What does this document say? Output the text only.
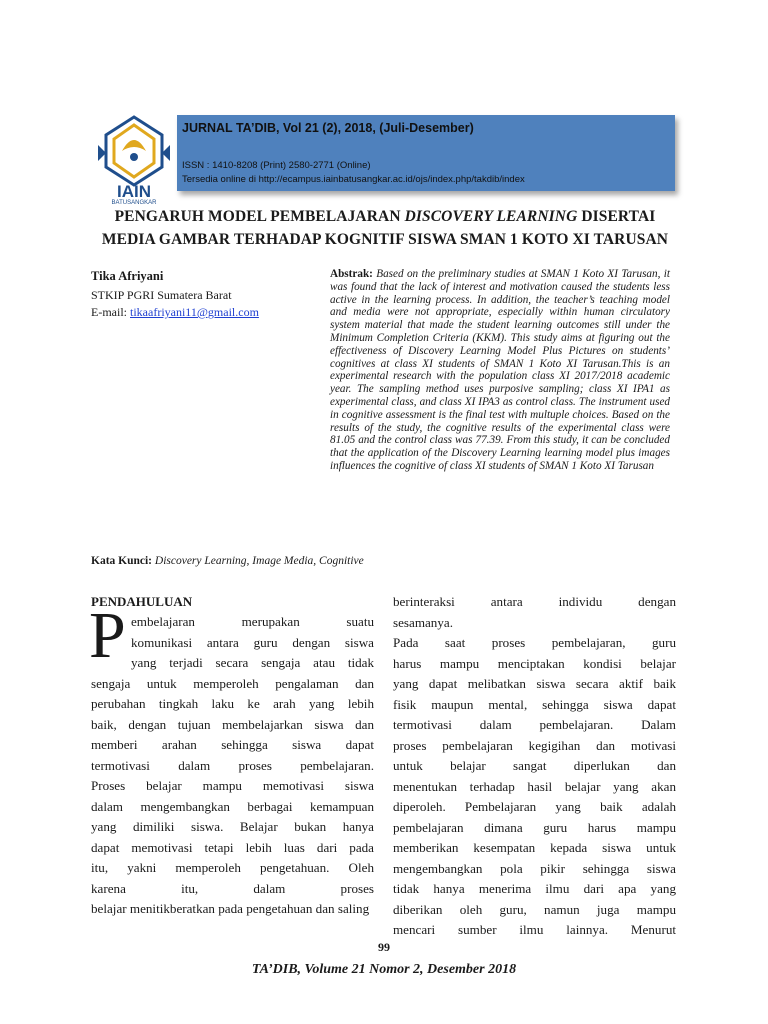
IAIN
BATUSANGKAR
JURNAL TA’DIB, Vol 21 (2), 2018, (Juli-Desember)
ISSN : 1410-8208 (Print) 2580-2771 (Online)
Tersedia online di http://ecampus.iainbatusangkar.ac.id/ojs/index.php/takdib/index
PENGARUH MODEL PEMBELAJARAN DISCOVERY LEARNING DISERTAI
MEDIA GAMBAR TERHADAP KOGNITIF SISWA SMAN 1 KOTO XI TARUSAN
Tika Afriyani
STKIP PGRI Sumatera Barat
E-mail: tikaafriyani11@gmail.com
Abstrak: Based on the preliminary studies at SMAN 1 Koto XI Tarusan, it was found that the lack of interest and motivation caused the students less active in the learning process. In addition, the teacher’s teaching model and media were not appropriate, especially within human circulatory system material that made the student learning outcomes still under the Minimum Completion Criteria (KKM). This study aims at figuring out the effectiveness of Discovery Learning Model Plus Pictures on students’ cognitives at class XI students of SMAN 1 Koto XI Tarusan.This is an experimental research with the population class XI 2017/2018 academic year. The sampling method uses purposive sampling; class XI IPA1 as experimental class, and class XI IPA3 as control class. The instrument used in cognitive assessment is the final test with multuple choices. Based on the results of the study, the cognitive results of the experimental class were 81.05 and the control class was 77.39. From this study, it can be concluded that the application of the Discovery Learning learning model plus images influences the cognitive of class XI students of SMAN 1 Koto XI Tarusan
Kata Kunci: Discovery Learning, Image Media, Cognitive
PENDAHULUAN
P embelajaran merupakan suatu
komunikasi antara guru dengan siswa
yang terjadi secara sengaja atau tidak
sengaja untuk memperoleh pengalaman dan
perubahan tingkah laku ke arah yang lebih
baik, dengan tujuan membelajarkan siswa dan
memberi arahan sehingga siswa dapat
termotivasi dalam proses pembelajaran.
Proses belajar mampu memotivasi siswa
dalam mengembangkan berbagai kemampuan
yang dimiliki siswa. Belajar bukan hanya
dapat memotivasi tetapi lebih luas dari pada
itu, yakni memperoleh pengetahuan. Oleh
karena itu, dalam proses
belajar menitikberatkan pada pengetahuan dan saling
berinteraksi antara individu dengan
sesamanya.
Pada saat proses pembelajaran, guru
harus mampu menciptakan kondisi belajar
yang dapat melibatkan siswa secara aktif baik
fisik maupun mental, sehingga siswa dapat
termotivasi dalam pembelajaran. Dalam
proses pembelajaran kegigihan dan motivasi
untuk belajar sangat diperlukan dan
menentukan terhadap hasil belajar yang akan
diperoleh. Pembelajaran yang baik adalah
pembelajaran dimana guru harus mampu
memberikan kesempatan kepada siswa untuk
mengembangkan pola pikir sehingga siswa
tidak hanya menerima ilmu dari apa yang
diberikan oleh guru, namun juga mampu
mencari sumber ilmu lainnya. Menurut
99
TA’DIB, Volume 21 Nomor 2, Desember 2018
